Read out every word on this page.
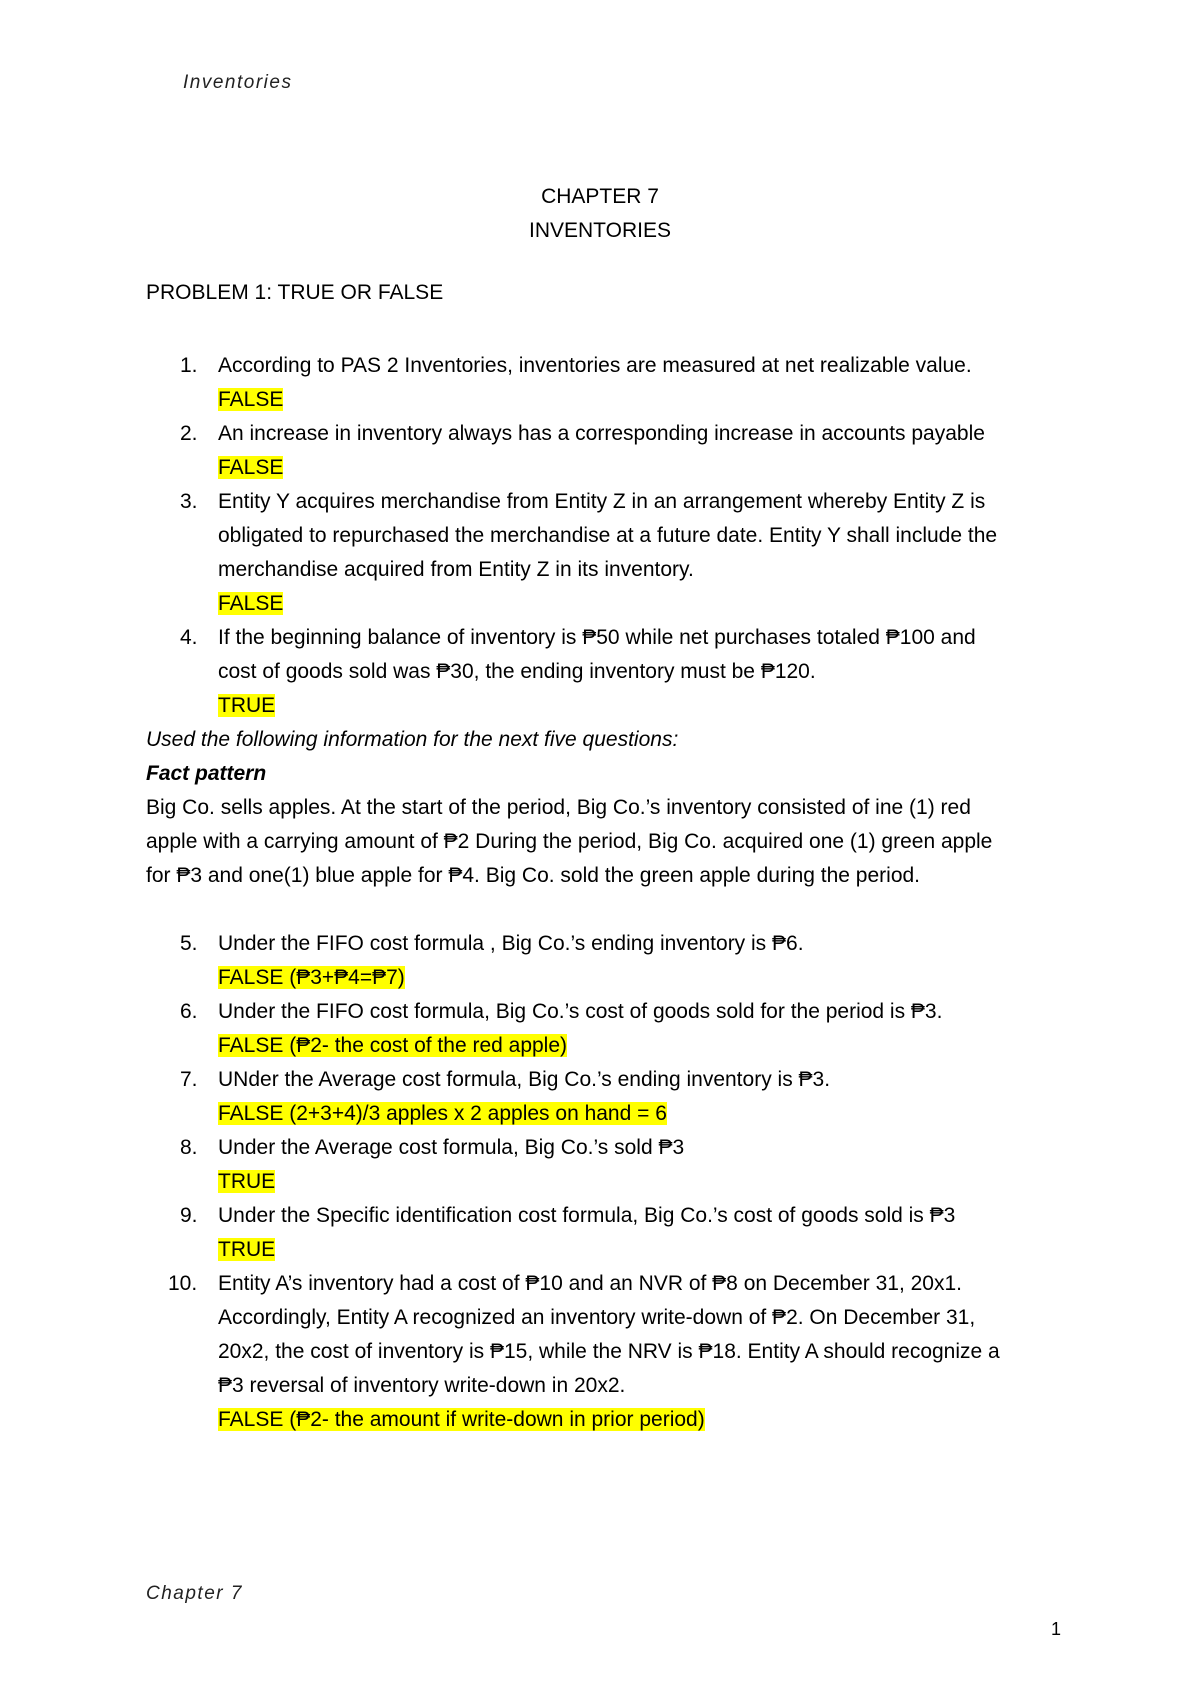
Inventories
CHAPTER 7
INVENTORIES
PROBLEM 1: TRUE OR FALSE
1. According to PAS 2 Inventories, inventories are measured at net realizable value.
FALSE
2. An increase in inventory always has a corresponding increase in accounts payable
FALSE
3. Entity Y acquires merchandise from Entity Z in an arrangement whereby Entity Z is
obligated to repurchased the merchandise at a future date. Entity Y shall include the
merchandise acquired from Entity Z in its inventory.
FALSE
4. If the beginning balance of inventory is ₱50 while net purchases totaled ₱100 and
cost of goods sold was ₱30, the ending inventory must be ₱120.
TRUE
Used the following information for the next five questions:
Fact pattern
Big Co. sells apples. At the start of the period, Big Co.’s inventory consisted of ine (1) red
apple with a carrying amount of ₱2 During the period, Big Co. acquired one (1) green apple
for ₱3 and one(1) blue apple for ₱4. Big Co. sold the green apple during the period.
5. Under the FIFO cost formula , Big Co.’s ending inventory is ₱6.
FALSE (₱3+₱4=₱7)
6. Under the FIFO cost formula, Big Co.’s cost of goods sold for the period is ₱3.
FALSE (₱2- the cost of the red apple)
7. UNder the Average cost formula, Big Co.’s ending inventory is ₱3.
FALSE (2+3+4)/3 apples x 2 apples on hand = 6
8. Under the Average cost formula, Big Co.’s sold ₱3
TRUE
9. Under the Specific identification cost formula, Big Co.’s cost of goods sold is ₱3
TRUE
10. Entity A’s inventory had a cost of ₱10 and an NVR of ₱8 on December 31, 20x1.
Accordingly, Entity A recognized an inventory write-down of ₱2. On December 31,
20x2, the cost of inventory is ₱15, while the NRV is ₱18. Entity A should recognize a
₱3 reversal of inventory write-down in 20x2.
FALSE (₱2- the amount if write-down in prior period)
Chapter 7
1
